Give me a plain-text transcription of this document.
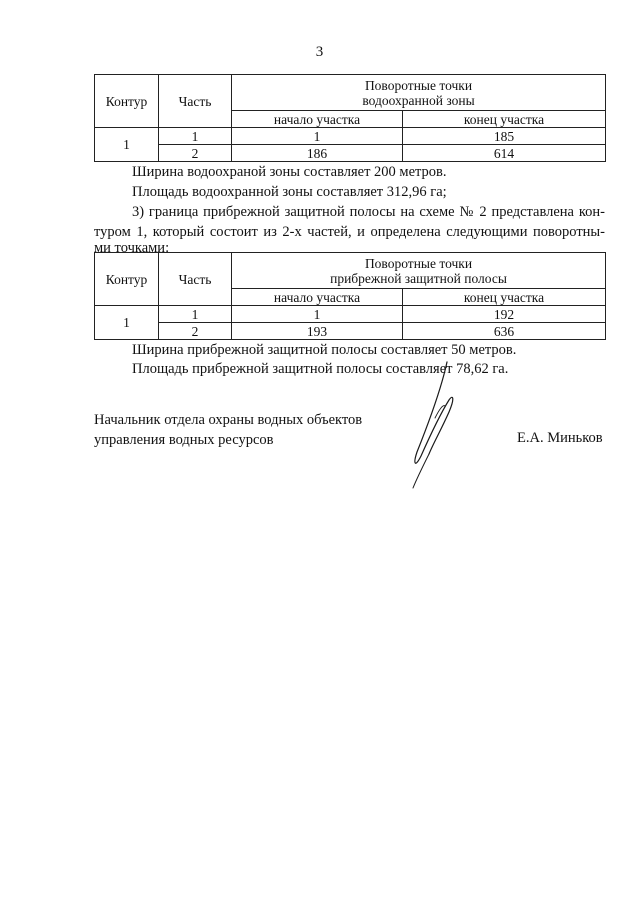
3
Контур	Часть	Поворотные точки
водоохранной зоны	

		начало участка	конец участка
1	1	1	185
	2	186	614
Ширина водоохраной зоны составляет 200 метров.
Площадь водоохранной зоны составляет 312,96 га;
3) граница прибрежной защитной полосы на схеме № 2 представлена кон-
туром 1, который состоит из 2-х частей, и определена следующими поворотны-
ми точками:
Контур	Часть	Поворотные точки
прибрежной защитной полосы	

		начало участка	конец участка
1	1	1	192
	2	193	636
Ширина прибрежной защитной полосы составляет 50 метров.
Площадь прибрежной защитной полосы составляет 78,62 га.
Начальник отдела охраны водных объектов
управления водных ресурсов	Е.А. Миньков
